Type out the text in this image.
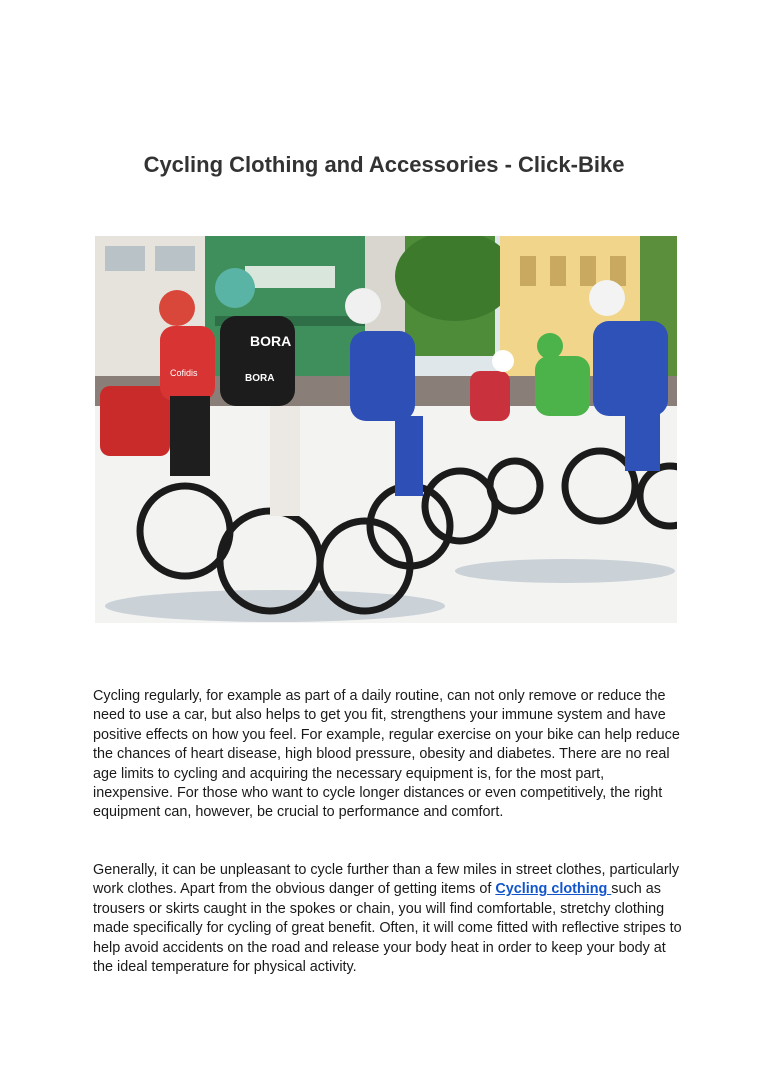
Cycling Clothing and Accessories - Click-Bike
BORA
Cofidis	BORA

Cycling regularly, for example as part of a daily routine, can not only remove or reduce the need to use a car, but also helps to get you fit, strengthens your immune system and have positive effects on how you feel. For example, regular exercise on your bike can help reduce the chances of heart disease, high blood pressure, obesity and diabetes. There are no real age limits to cycling and acquiring the necessary equipment is, for the most part, inexpensive. For those who want to cycle longer distances or even competitively, the right equipment can, however, be crucial to performance and comfort.

Generally, it can be unpleasant to cycle further than a few miles in street clothes, particularly work clothes. Apart from the obvious danger of getting items of Cycling clothing such as trousers or skirts caught in the spokes or chain, you will find comfortable, stretchy clothing made specifically for cycling of great benefit. Often, it will come fitted with reflective stripes to help avoid accidents on the road and release your body heat in order to keep your body at the ideal temperature for physical activity.
